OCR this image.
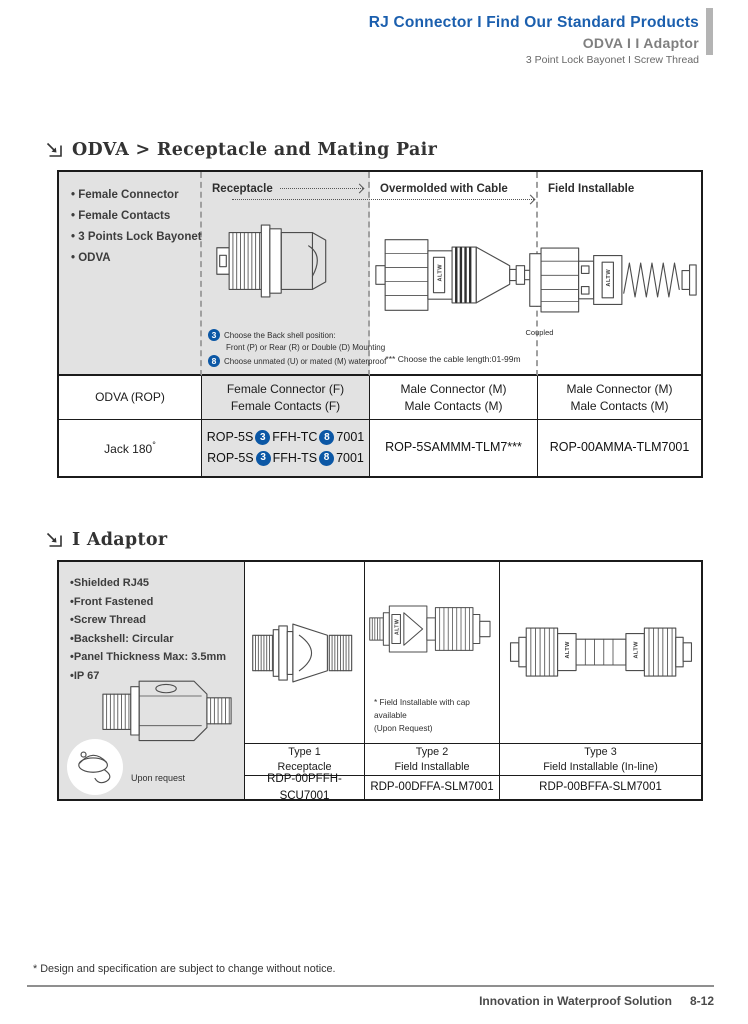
RJ Connector I Find Our Standard Products
ODVA I I Adaptor
3 Point Lock Bayonet I Screw Thread
ODVA > Receptacle and Mating Pair
• Female Connector
• Female Contacts
• 3 Points Lock Bayonet
• ODVA
Receptacle
3 Choose the Back shell position:
Front (P) or Rear (R) or Double (D) Mounting
8 Choose unmated (U) or mated (M) waterproof
Overmolded with Cable
ALTW
*** Choose the cable length:01-99m
Field Installable
ALTW
Coupled
ODVA (ROP)
Female Connector (F)
Female Contacts (F)
Male Connector (M)
Male Contacts (M)
Male Connector (M)
Male Contacts (M)
Jack 180°
ROP-5S 3 FFH-TC 8 7001
ROP-5S 3 FFH-TS 8 7001
ROP-5SAMMM-TLM7*** ROP-00AMMA-TLM7001
I Adaptor
• Shielded RJ45
• Front Fastened
• Screw Thread
• Backshell: Circular
• Panel Thickness Max: 3.5mm
• IP 67
Upon request
ALTW
* Field Installable with cap available
(Upon Request)
ALTW	ALTW
Type 1
Receptacle
Type 2
Field Installable
Type 3
Field Installable (In-line)
RDP-00PFFH-SCU7001
RDP-00DFFA-SLM7001	RDP-00BFFA-SLM7001
* Design and specification are subject to change without notice.
Innovation in Waterproof Solution 8-12
